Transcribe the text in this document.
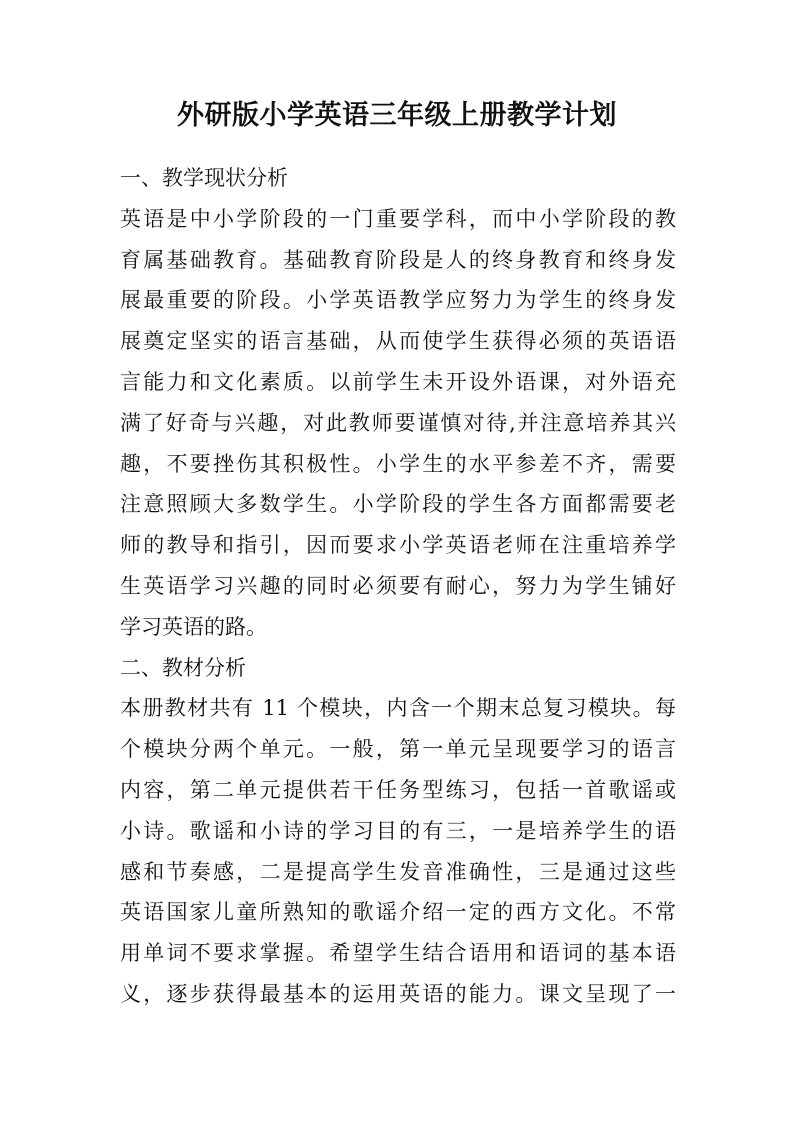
外研版小学英语三年级上册教学计划
一、教学现状分析
英语是中小学阶段的一门重要学科，而中小学阶段的教
育属基础教育。基础教育阶段是人的终身教育和终身发
展最重要的阶段。小学英语教学应努力为学生的终身发
展奠定坚实的语言基础，从而使学生获得必须的英语语
言能力和文化素质。以前学生未开设外语课，对外语充
满了好奇与兴趣，对此教师要谨慎对待,并注意培养其兴
趣，不要挫伤其积极性。小学生的水平参差不齐，需要
注意照顾大多数学生。小学阶段的学生各方面都需要老
师的教导和指引，因而要求小学英语老师在注重培养学
生英语学习兴趣的同时必须要有耐心，努力为学生铺好
学习英语的路。
二、教材分析
本册教材共有 11 个模块，内含一个期末总复习模块。每
个模块分两个单元。一般，第一单元呈现要学习的语言
内容，第二单元提供若干任务型练习，包括一首歌谣或
小诗。歌谣和小诗的学习目的有三，一是培养学生的语
感和节奏感，二是提高学生发音准确性，三是通过这些
英语国家儿童所熟知的歌谣介绍一定的西方文化。不常
用单词不要求掌握。希望学生结合语用和语词的基本语
义，逐步获得最基本的运用英语的能力。课文呈现了一
